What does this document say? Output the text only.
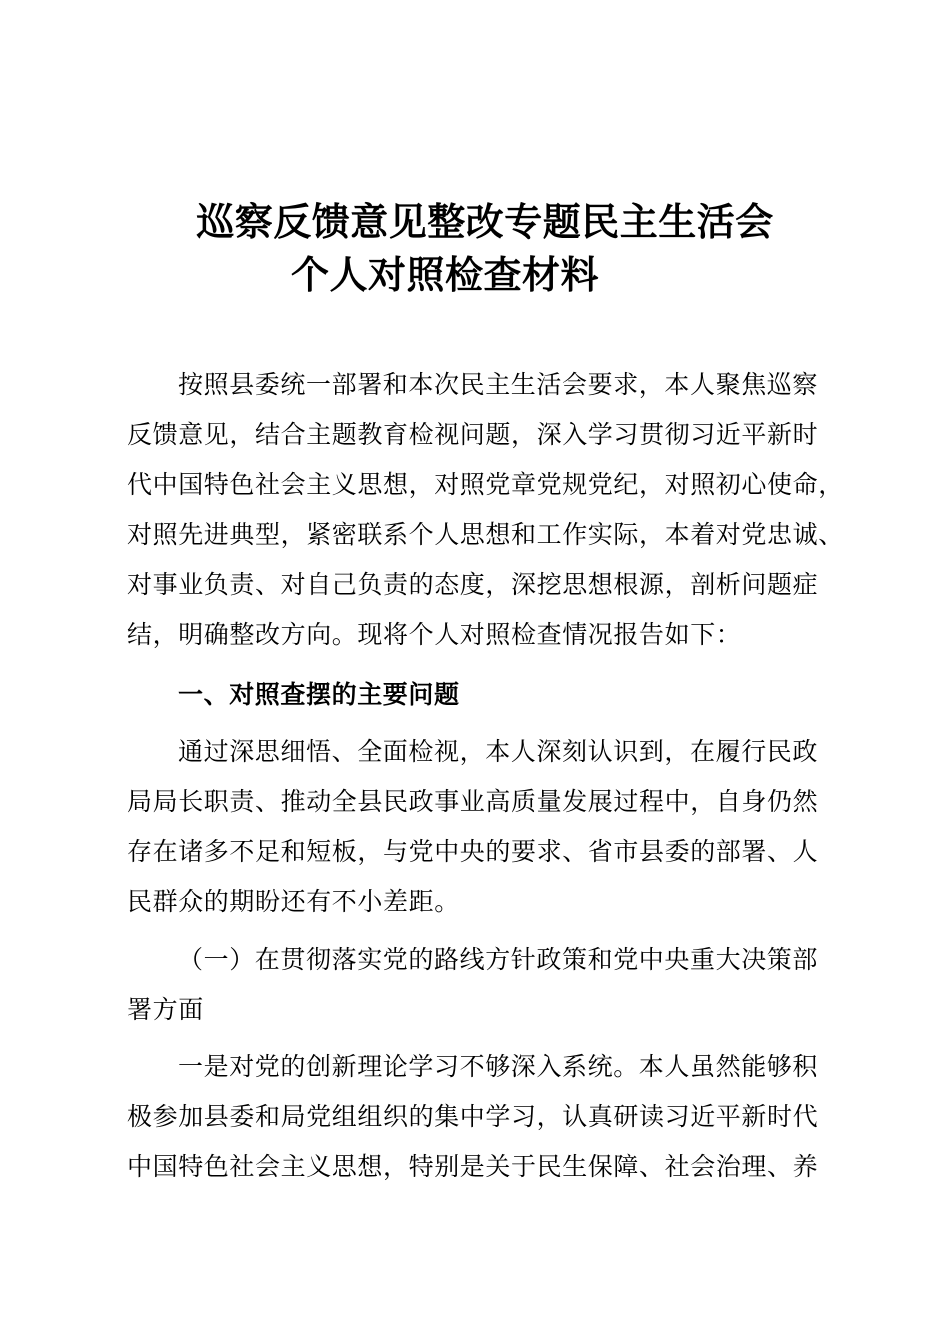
巡察反馈意见整改专题民主生活会
个人对照检查材料
按照县委统一部署和本次民主生活会要求，本人聚焦巡察
反馈意见，结合主题教育检视问题，深入学习贯彻习近平新时
代中国特色社会主义思想，对照党章党规党纪，对照初心使命，
对照先进典型，紧密联系个人思想和工作实际，本着对党忠诚、
对事业负责、对自己负责的态度，深挖思想根源，剖析问题症
结，明确整改方向。现将个人对照检查情况报告如下：
一、对照查摆的主要问题
通过深思细悟、全面检视，本人深刻认识到，在履行民政
局局长职责、推动全县民政事业高质量发展过程中，自身仍然
存在诸多不足和短板，与党中央的要求、省市县委的部署、人
民群众的期盼还有不小差距。
（一）在贯彻落实党的路线方针政策和党中央重大决策部
署方面
一是对党的创新理论学习不够深入系统。本人虽然能够积
极参加县委和局党组组织的集中学习，认真研读习近平新时代
中国特色社会主义思想，特别是关于民生保障、社会治理、养
